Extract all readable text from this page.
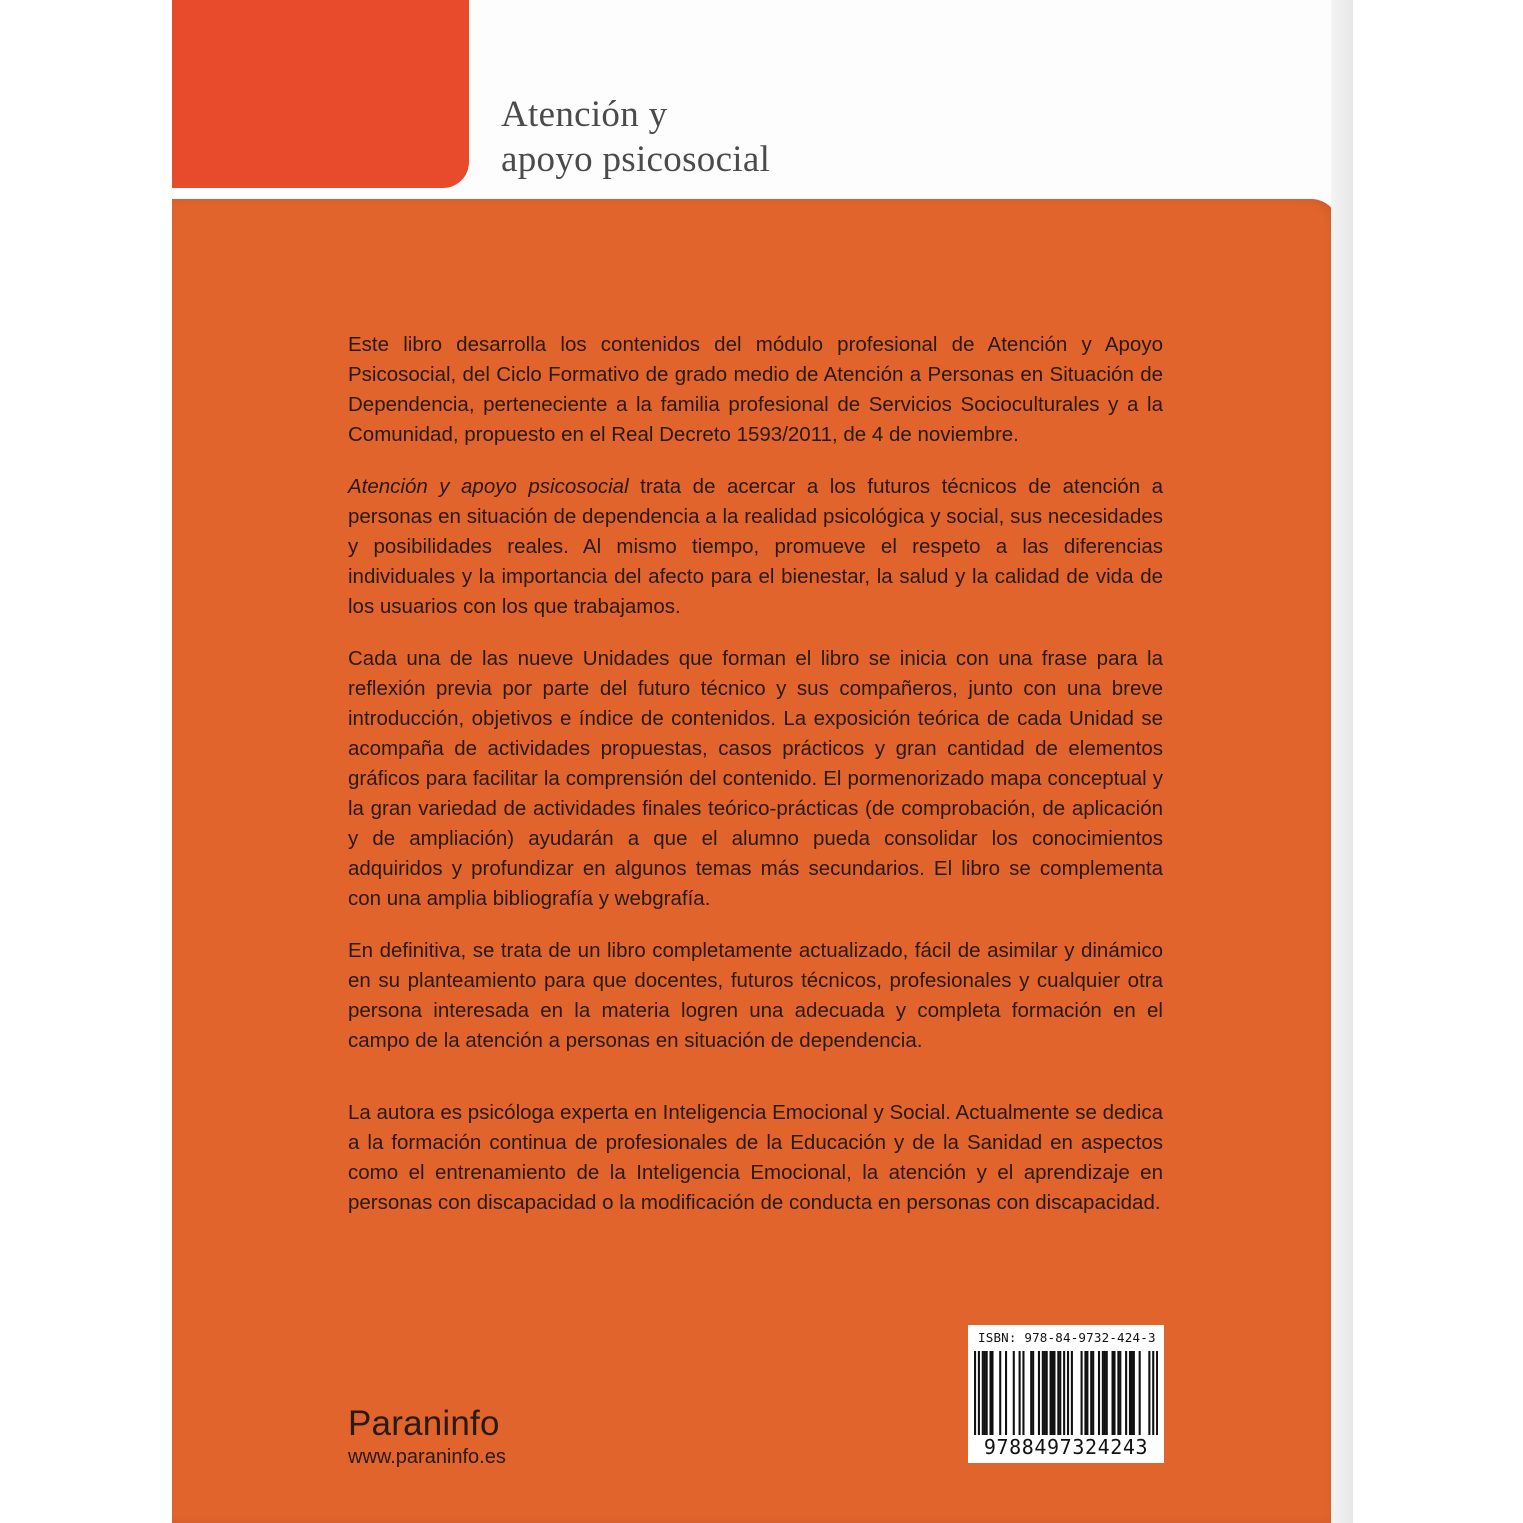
Atención y
apoyo psicosocial

Este libro desarrolla los contenidos del módulo profesional de Atención y Apoyo Psicosocial, del Ciclo Formativo de grado medio de Atención a Personas en Situación de Dependencia, perteneciente a la familia profesional de Servicios Socioculturales y a la Comunidad, propuesto en el Real Decreto 1593/2011, de 4 de noviembre.

Atención y apoyo psicosocial trata de acercar a los futuros técnicos de atención a personas en situación de dependencia a la realidad psicológica y social, sus necesidades y posibilidades reales. Al mismo tiempo, promueve el respeto a las diferencias individuales y la importancia del afecto para el bienestar, la salud y la calidad de vida de los usuarios con los que trabajamos.

Cada una de las nueve Unidades que forman el libro se inicia con una frase para la reflexión previa por parte del futuro técnico y sus compañeros, junto con una breve introducción, objetivos e índice de contenidos. La exposición teórica de cada Unidad se acompaña de actividades propuestas, casos prácticos y gran cantidad de elementos gráficos para facilitar la comprensión del contenido. El pormenorizado mapa conceptual y la gran variedad de actividades finales teórico-prácticas (de comprobación, de aplicación y de ampliación) ayudarán a que el alumno pueda consolidar los conocimientos adquiridos y profundizar en algunos temas más secundarios. El libro se complementa con una amplia bibliografía y webgrafía.

En definitiva, se trata de un libro completamente actualizado, fácil de asimilar y dinámico en su planteamiento para que docentes, futuros técnicos, profesionales y cualquier otra persona interesada en la materia logren una adecuada y completa formación en el campo de la atención a personas en situación de dependencia.

La autora es psicóloga experta en Inteligencia Emocional y Social. Actualmente se dedica a la formación continua de profesionales de la Educación y de la Sanidad en aspectos como el entrenamiento de la Inteligencia Emocional, la atención y el aprendizaje en personas con discapacidad o la modificación de conducta en personas con discapacidad.

Paraninfo
www.paraninfo.es
ISBN: 978-84-9732-424-3
9788497324243
